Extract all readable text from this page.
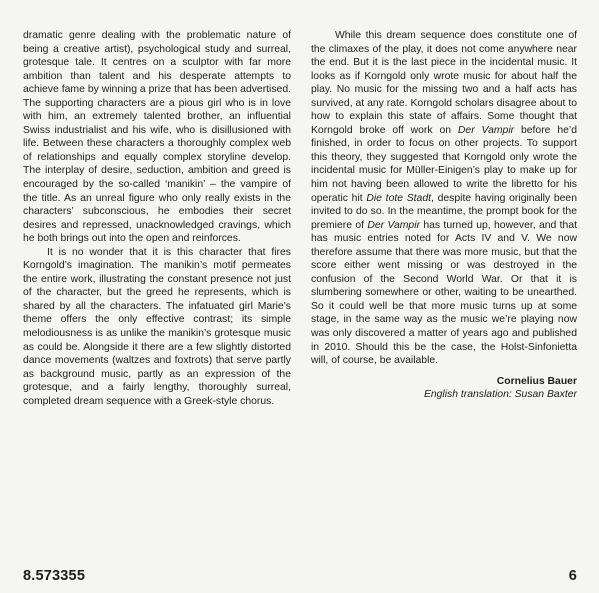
dramatic genre dealing with the problematic nature of being a creative artist), psychological study and surreal, grotesque tale. It centres on a sculptor with far more ambition than talent and his desperate attempts to achieve fame by winning a prize that has been advertised. The supporting characters are a pious girl who is in love with him, an extremely talented brother, an influential Swiss industrialist and his wife, who is disillusioned with life. Between these characters a thoroughly complex web of relationships and equally complex storyline develop. The interplay of desire, seduction, ambition and greed is encouraged by the so-called ‘manikin’ – the vampire of the title. As an unreal figure who only really exists in the characters’ subconscious, he embodies their secret desires and repressed, unacknowledged cravings, which he both brings out into the open and reinforces.

It is no wonder that it is this character that fires Korngold’s imagination. The manikin’s motif permeates the entire work, illustrating the constant presence not just of the character, but the greed he represents, which is shared by all the characters. The infatuated girl Marie’s theme offers the only effective contrast; its simple melodiousness is as unlike the manikin’s grotesque music as could be. Alongside it there are a few slightly distorted dance movements (waltzes and foxtrots) that serve partly as background music, partly as an expression of the grotesque, and a fairly lengthy, thoroughly surreal, completed dream sequence with a Greek-style chorus.

While this dream sequence does constitute one of the climaxes of the play, it does not come anywhere near the end. But it is the last piece in the incidental music. It looks as if Korngold only wrote music for about half the play. No music for the missing two and a half acts has survived, at any rate. Korngold scholars disagree about to how to explain this state of affairs. Some thought that Korngold broke off work on Der Vampir before he’d finished, in order to focus on other projects. To support this theory, they suggested that Korngold only wrote the incidental music for Müller-Einigen’s play to make up for him not having been allowed to write the libretto for his operatic hit Die tote Stadt, despite having originally been invited to do so. In the meantime, the prompt book for the premiere of Der Vampir has turned up, however, and that has music entries noted for Acts IV and V. We now therefore assume that there was more music, but that the score either went missing or was destroyed in the confusion of the Second World War. Or that it is slumbering somewhere or other, waiting to be unearthed. So it could well be that more music turns up at some stage, in the same way as the music we’re playing now was only discovered a matter of years ago and published in 2010. Should this be the case, the Holst-Sinfonietta will, of course, be available.

Cornelius Bauer
English translation: Susan Baxter
8.573355	6
